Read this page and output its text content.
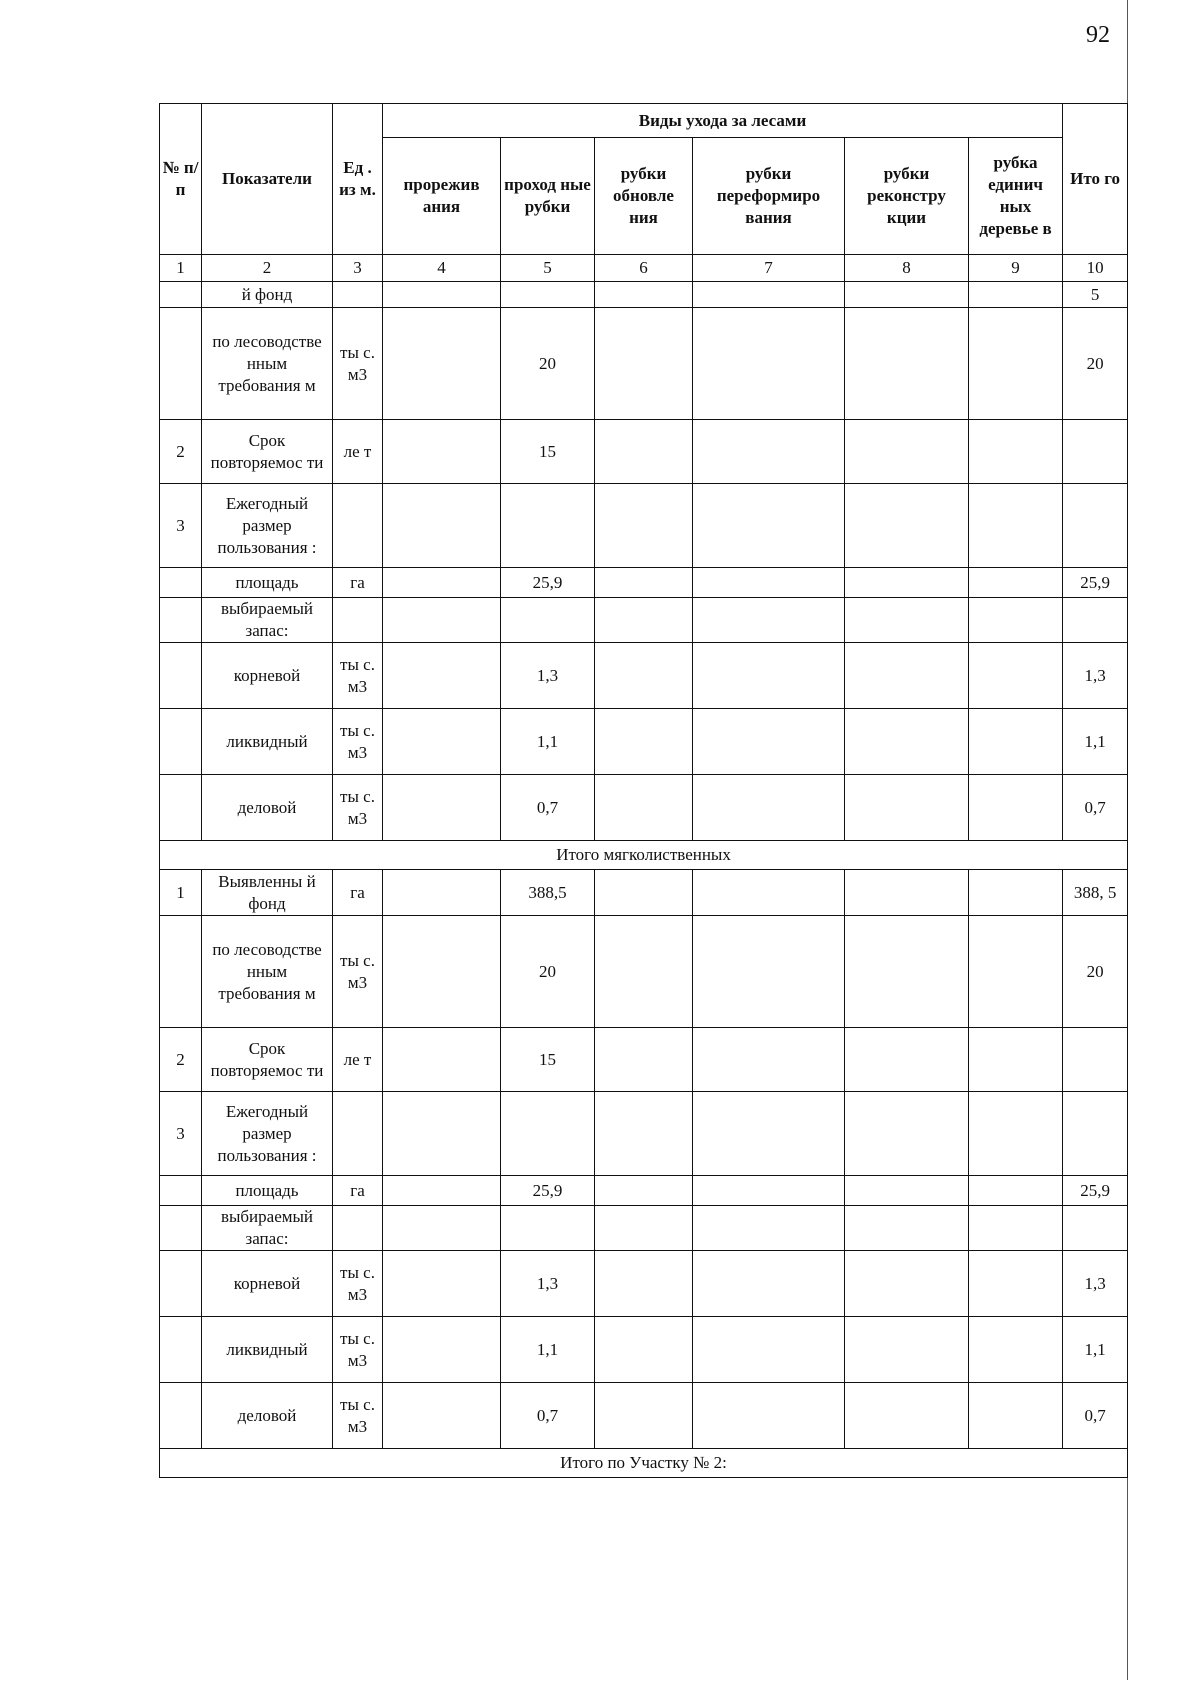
92
№ п/ п	Показатели	Ед . из м.	Виды ухода за лесами						Ито го
			прорежив ания	проход ные рубки	рубки обновле ния	рубки переформиро вания	рубки реконстру кции	рубка единич ных деревье в	
1	2	3	4	5	6	7	8	9	10
	й фонд								5
	по лесоводстве нным требования м	ты с. м3		20					20
2	Срок повторяемос ти	ле т		15					
3	Ежегодный размер пользования :								
	площадь	га		25,9					25,9
	выбираемый запас:								
	корневой	ты с. м3		1,3					1,3
	ликвидный	ты с. м3		1,1					1,1
	деловой	ты с. м3		0,7					0,7
Итого мягколиственных									
1	Выявленны й фонд	га		388,5					388, 5
	по лесоводстве нным требования м	ты с. м3		20					20
2	Срок повторяемос ти	ле т		15					
3	Ежегодный размер пользования :								
	площадь	га		25,9					25,9
	выбираемый запас:								
	корневой	ты с. м3		1,3					1,3
	ликвидный	ты с. м3		1,1					1,1
	деловой	ты с. м3		0,7					0,7
Итого по Участку № 2:									
